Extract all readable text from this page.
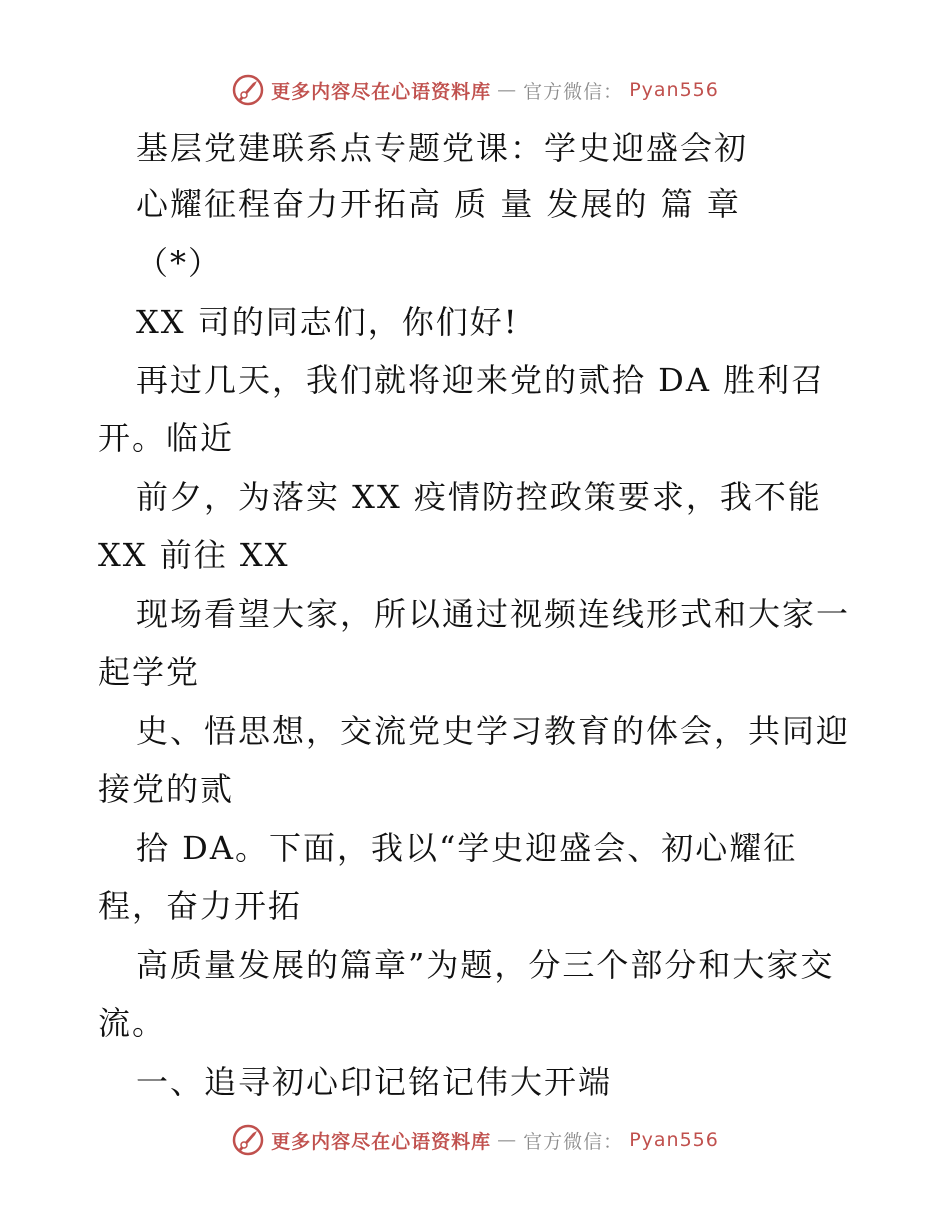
更多内容尽在心语资料库 — 官方微信： Pyan556
基层党建联系点专题党课：学史迎盛会初
心耀征程奋力开拓高 质 量 发展的 篇 章
（*）
XX 司的同志们，你们好!
再过几天，我们就将迎来党的贰拾 DA 胜利召
开。临近
前夕，为落实 XX 疫情防控政策要求，我不能
XX 前往 XX
现场看望大家，所以通过视频连线形式和大家一
起学党
史、悟思想，交流党史学习教育的体会，共同迎
接党的贰
拾 DA。下面，我以“学史迎盛会、初心耀征
程，奋力开拓
高质量发展的篇章”为题，分三个部分和大家交
流。
一、追寻初心印记铭记伟大开端
更多内容尽在心语资料库 — 官方微信： Pyan556
